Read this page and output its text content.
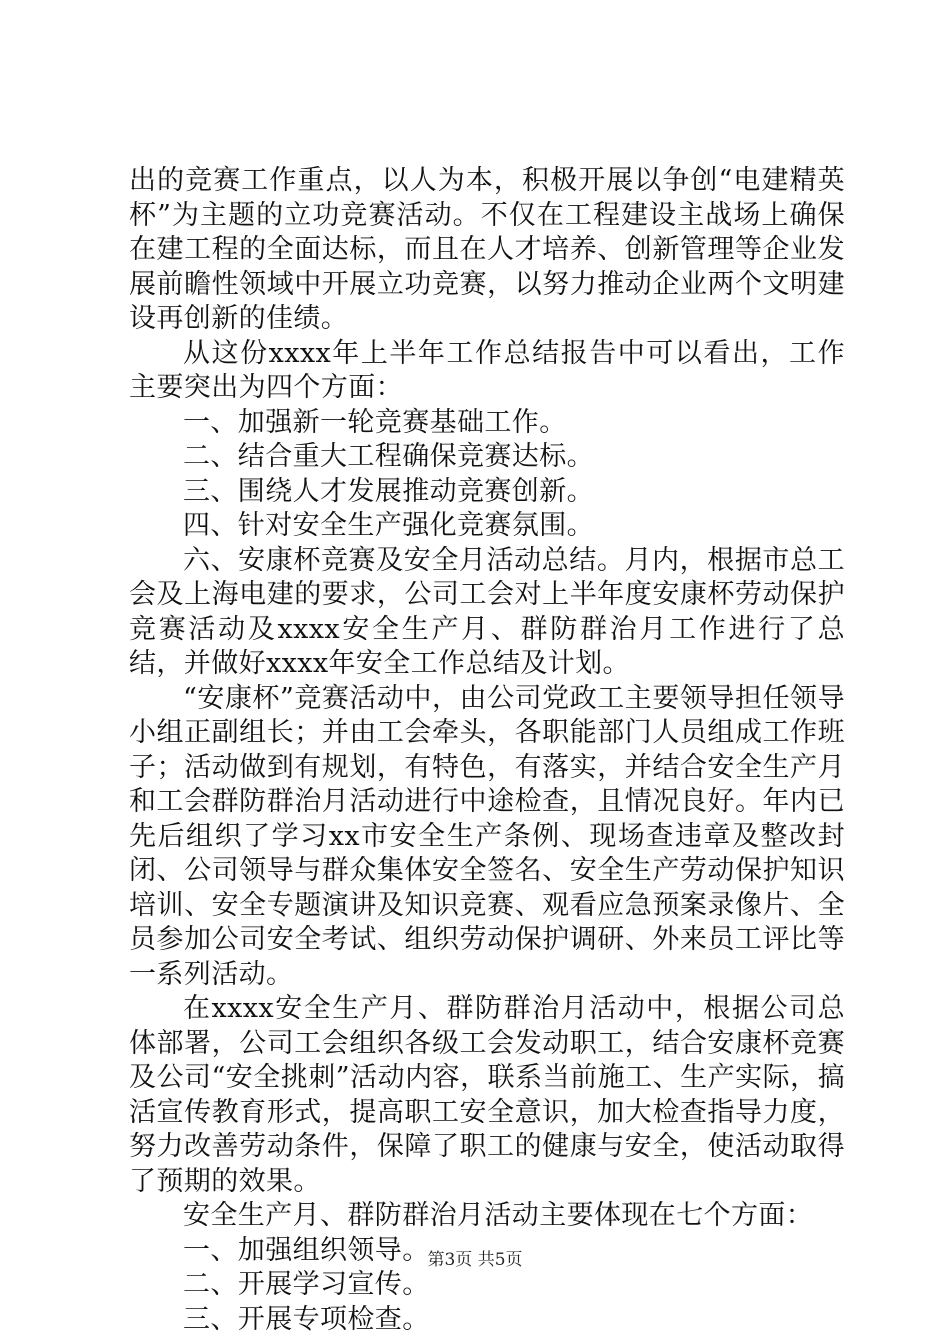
出的竞赛工作重点，以人为本，积极开展以争创“电建精英杯”为主题的立功竞赛活动。不仅在工程建设主战场上确保在建工程的全面达标，而且在人才培养、创新管理等企业发展前瞻性领域中开展立功竞赛，以努力推动企业两个文明建设再创新的佳绩。

从这份xxxx年上半年工作总结报告中可以看出，工作主要突出为四个方面：

一、加强新一轮竞赛基础工作。

二、结合重大工程确保竞赛达标。

三、围绕人才发展推动竞赛创新。

四、针对安全生产强化竞赛氛围。

六、安康杯竞赛及安全月活动总结。月内，根据市总工会及上海电建的要求，公司工会对上半年度安康杯劳动保护竞赛活动及xxxx安全生产月、群防群治月工作进行了总结，并做好xxxx年安全工作总结及计划。

“安康杯”竞赛活动中，由公司党政工主要领导担任领导小组正副组长；并由工会牵头，各职能部门人员组成工作班子；活动做到有规划，有特色，有落实，并结合安全生产月和工会群防群治月活动进行中途检查，且情况良好。年内已先后组织了学习xx市安全生产条例、现场查违章及整改封闭、公司领导与群众集体安全签名、安全生产劳动保护知识培训、安全专题演讲及知识竞赛、观看应急预案录像片、全员参加公司安全考试、组织劳动保护调研、外来员工评比等一系列活动。

在xxxx安全生产月、群防群治月活动中，根据公司总体部署，公司工会组织各级工会发动职工，结合安康杯竞赛及公司“安全挑刺”活动内容，联系当前施工、生产实际，搞活宣传教育形式，提高职工安全意识，加大检查指导力度，努力改善劳动条件，保障了职工的健康与安全，使活动取得了预期的效果。

安全生产月、群防群治月活动主要体现在七个方面：

一、加强组织领导。

二、开展学习宣传。

三、开展专项检查。

第3页 共5页
